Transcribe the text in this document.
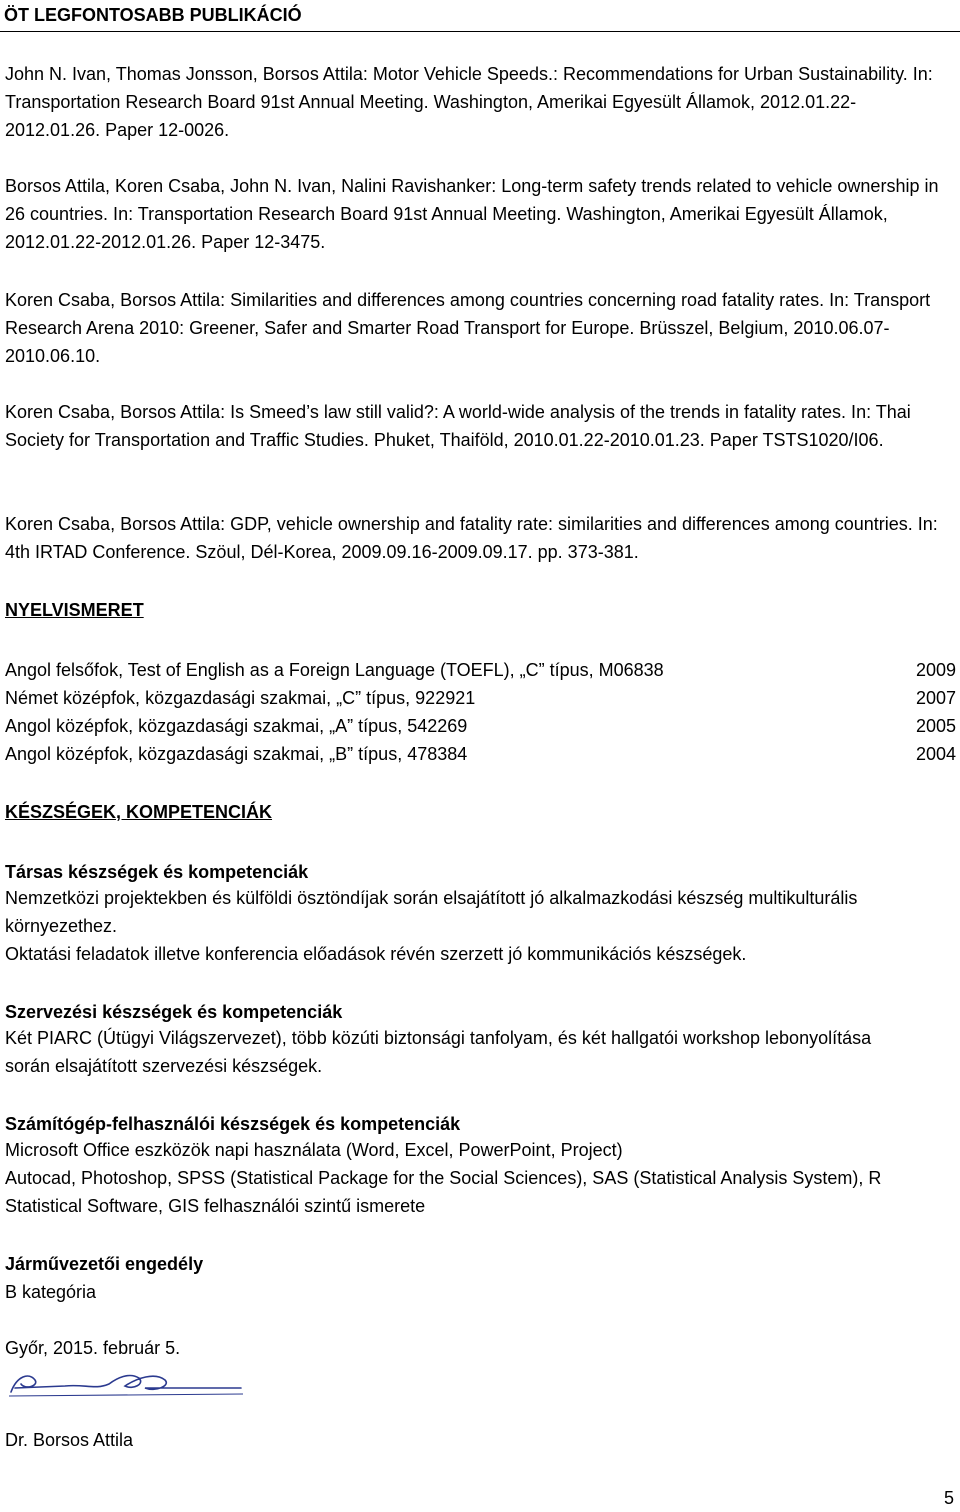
ÖT LEGFONTOSABB PUBLIKÁCIÓ

John N. Ivan, Thomas Jonsson, Borsos Attila: Motor Vehicle Speeds.: Recommendations for Urban Sustainability. In: Transportation Research Board 91st Annual Meeting. Washington, Amerikai Egyesült Államok, 2012.01.22-2012.01.26. Paper 12-0026.

Borsos Attila, Koren Csaba, John N. Ivan, Nalini Ravishanker: Long-term safety trends related to vehicle ownership in 26 countries. In: Transportation Research Board 91st Annual Meeting. Washington, Amerikai Egyesült Államok, 2012.01.22-2012.01.26. Paper 12-3475.

Koren Csaba, Borsos Attila: Similarities and differences among countries concerning road fatality rates. In: Transport Research Arena 2010: Greener, Safer and Smarter Road Transport for Europe. Brüsszel, Belgium, 2010.06.07-2010.06.10.

Koren Csaba, Borsos Attila: Is Smeed’s law still valid?: A world-wide analysis of the trends in fatality rates. In: Thai Society for Transportation and Traffic Studies. Phuket, Thaiföld, 2010.01.22-2010.01.23. Paper TSTS1020/I06.

Koren Csaba, Borsos Attila: GDP, vehicle ownership and fatality rate: similarities and differences among countries. In: 4th IRTAD Conference. Szöul, Dél-Korea, 2009.09.16-2009.09.17. pp. 373-381.

NYELVISMERET
Angol felsőfok, Test of English as a Foreign Language (TOEFL), „C” típus, M06838	2009
Német középfok, közgazdasági szakmai, „C” típus, 922921	2007
Angol középfok, közgazdasági szakmai, „A” típus, 542269	2005
Angol középfok, közgazdasági szakmai, „B” típus, 478384	2004
KÉSZSÉGEK, KOMPETENCIÁK
Társas készségek és kompetenciák

Nemzetközi projektekben és külföldi ösztöndíjak során elsajátított jó alkalmazkodási készség multikulturális környezethez.

Oktatási feladatok illetve konferencia előadások révén szerzett jó kommunikációs készségek.

Szervezési készségek és kompetenciák

Két PIARC (Útügyi Világszervezet), több közúti biztonsági tanfolyam, és két hallgatói workshop lebonyolítása során elsajátított szervezési készségek.

Számítógép-felhasználói készségek és kompetenciák

Microsoft Office eszközök napi használata (Word, Excel, PowerPoint, Project)

Autocad, Photoshop, SPSS (Statistical Package for the Social Sciences), SAS (Statistical Analysis System), R Statistical Software, GIS felhasználói szintű ismerete

Járművezetői engedély

B kategória

Győr, 2015. február 5.

Dr. Borsos Attila

5
